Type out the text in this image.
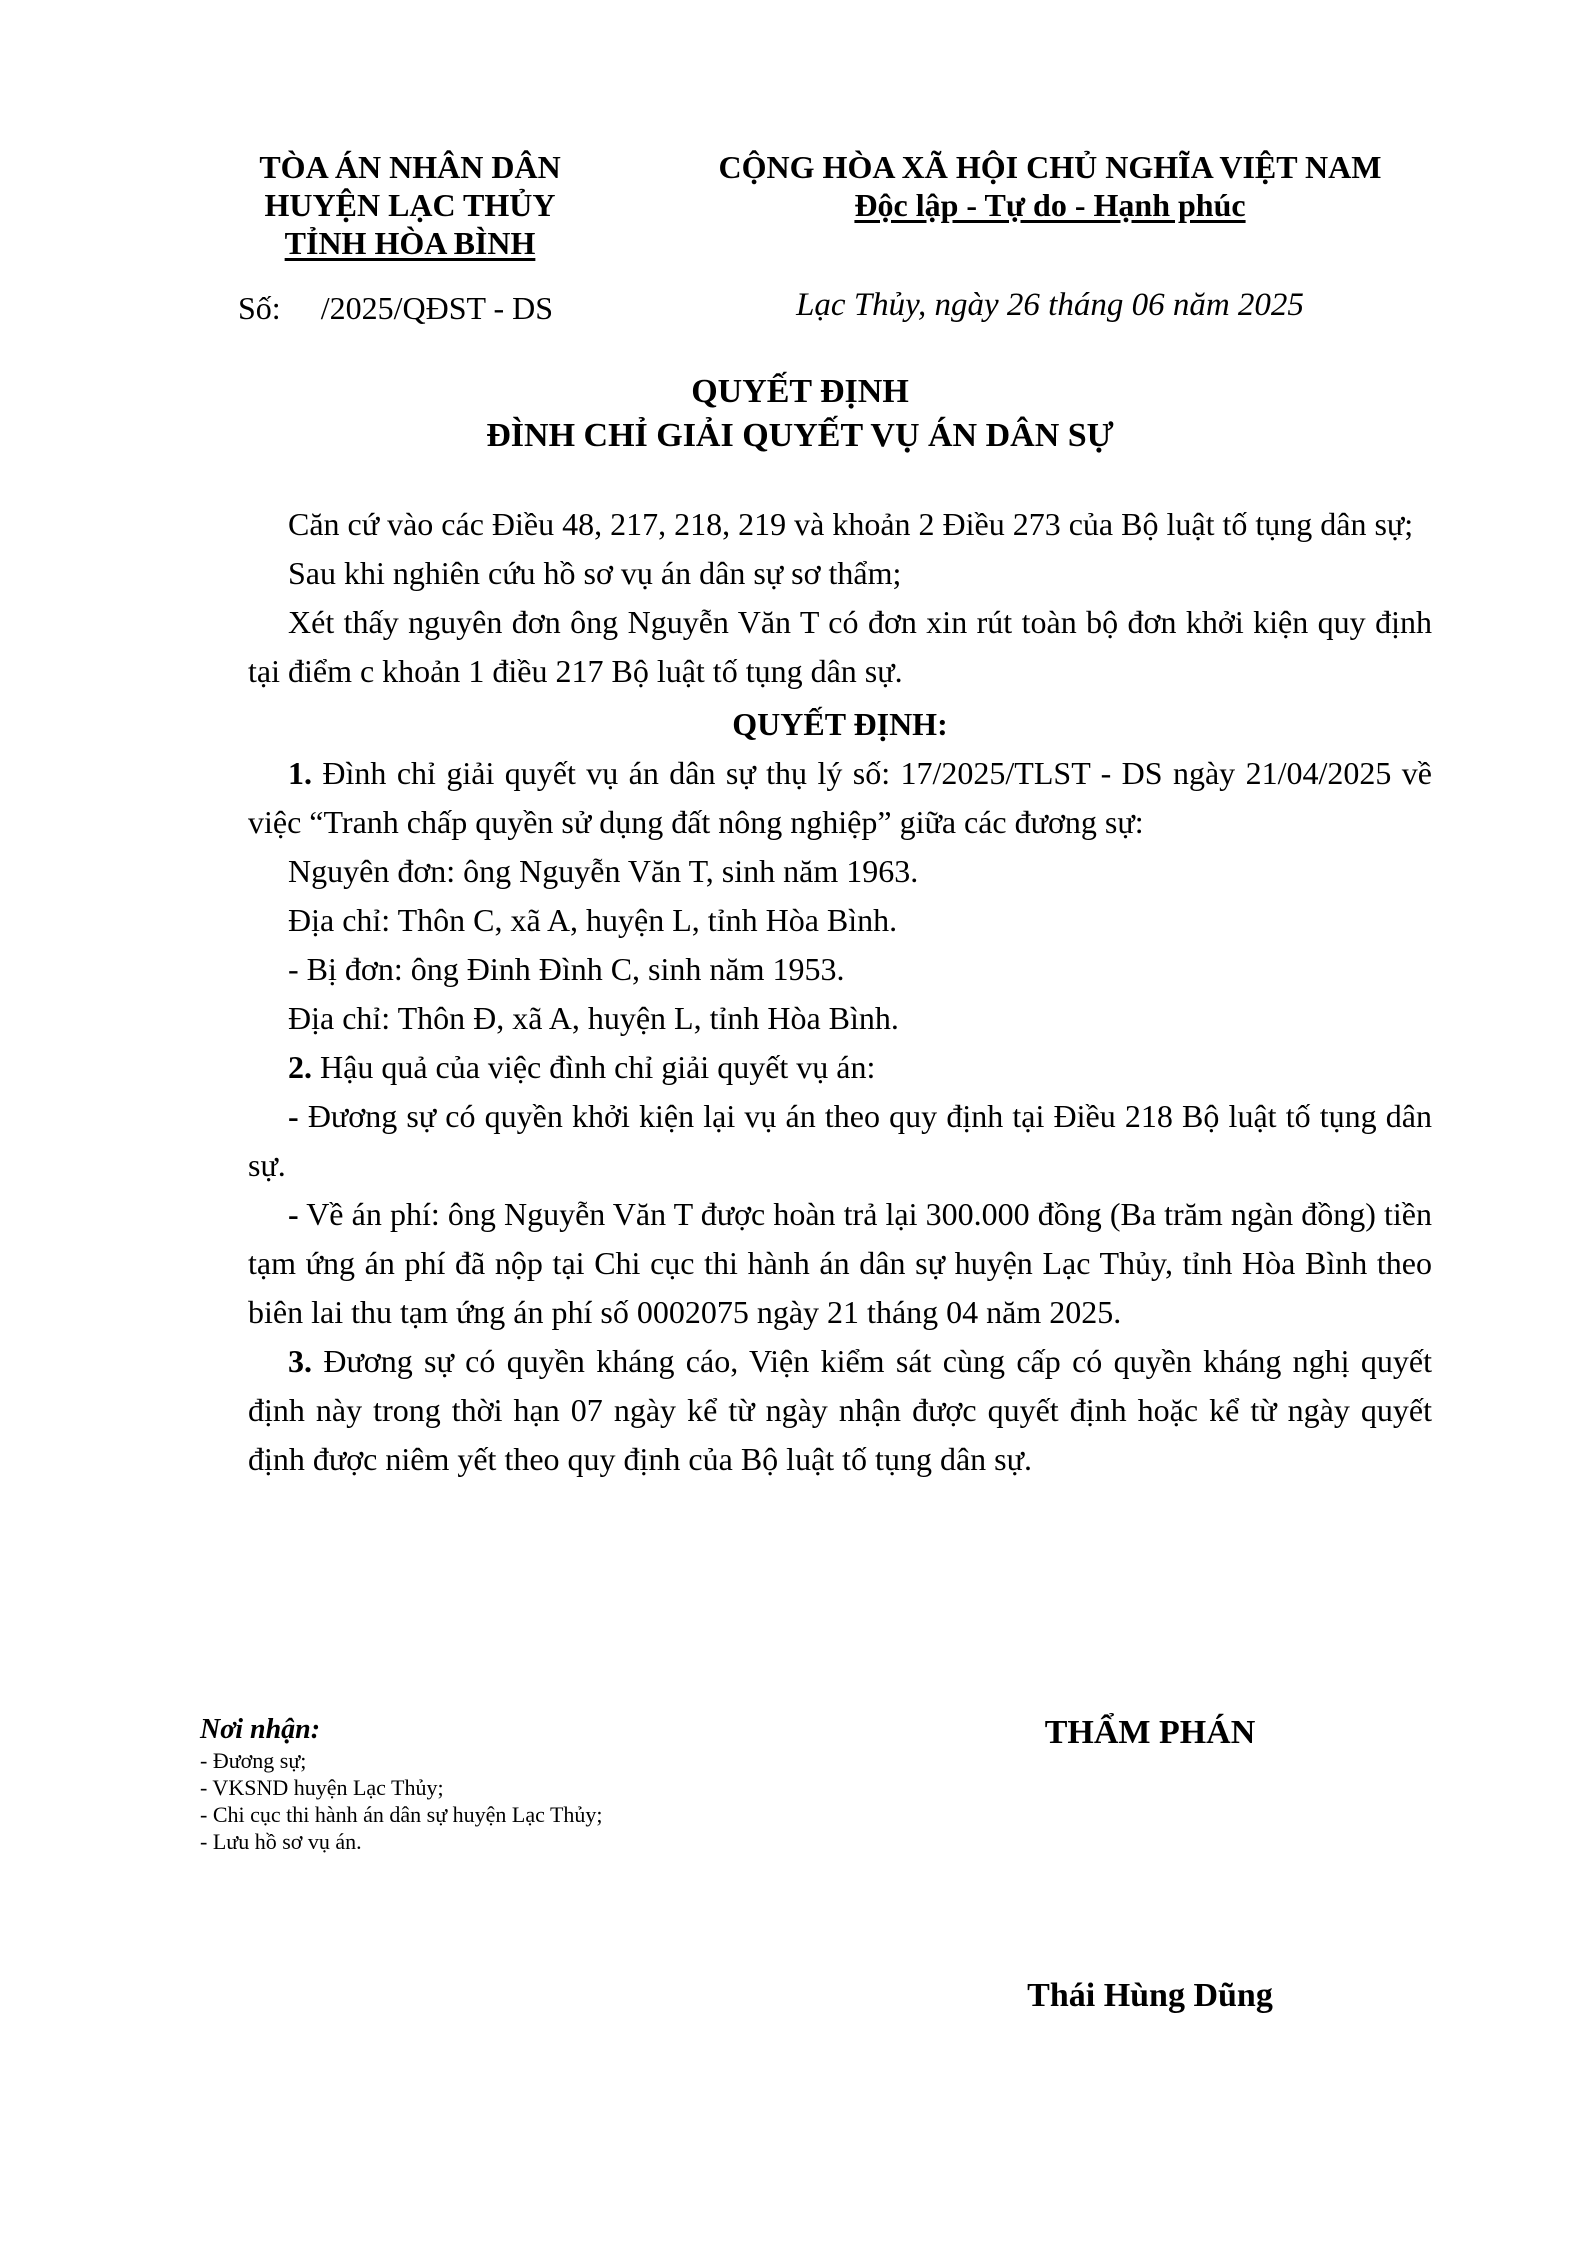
TÒA ÁN NHÂN DÂN
HUYỆN LẠC THỦY
TỈNH HÒA BÌNH
Số:     /2025/QĐST - DS
CỘNG HÒA XÃ HỘI CHỦ NGHĨA VIỆT NAM
Độc lập - Tự do - Hạnh phúc
Lạc Thủy, ngày 26 tháng 06 năm 2025
QUYẾT ĐỊNH
ĐÌNH CHỈ GIẢI QUYẾT VỤ ÁN DÂN SỰ

Căn cứ vào các Điều 48, 217, 218, 219 và khoản 2 Điều 273 của Bộ luật tố tụng dân sự;

Sau khi nghiên cứu hồ sơ vụ án dân sự sơ thẩm;

Xét thấy nguyên đơn ông Nguyễn Văn T có đơn xin rút toàn bộ đơn khởi kiện quy định tại điểm c khoản 1 điều 217 Bộ luật tố tụng dân sự.

QUYẾT ĐỊNH:

1. Đình chỉ giải quyết vụ án dân sự thụ lý số: 17/2025/TLST - DS ngày 21/04/2025 về việc “Tranh chấp quyền sử dụng đất nông nghiệp” giữa các đương sự:

Nguyên đơn: ông Nguyễn Văn T, sinh năm 1963.

Địa chỉ: Thôn C, xã A, huyện L, tỉnh Hòa Bình.

- Bị đơn: ông Đinh Đình C, sinh năm 1953.

Địa chỉ: Thôn Đ, xã A, huyện L, tỉnh Hòa Bình.

2. Hậu quả của việc đình chỉ giải quyết vụ án:

- Đương sự có quyền khởi kiện lại vụ án theo quy định tại Điều 218 Bộ luật tố tụng dân sự.

- Về án phí: ông Nguyễn Văn T được hoàn trả lại 300.000 đồng (Ba trăm ngàn đồng) tiền tạm ứng án phí đã nộp tại Chi cục thi hành án dân sự huyện Lạc Thủy, tỉnh Hòa Bình theo biên lai thu tạm ứng án phí số 0002075 ngày 21 tháng 04 năm 2025.

3. Đương sự có quyền kháng cáo, Viện kiểm sát cùng cấp có quyền kháng nghị quyết định này trong thời hạn 07 ngày kể từ ngày nhận được quyết định hoặc kể từ ngày quyết định được niêm yết theo quy định của Bộ luật tố tụng dân sự.

Nơi nhận:
- Đương sự;
- VKSND huyện Lạc Thủy;
- Chi cục thi hành án dân sự huyện Lạc Thủy;
- Lưu hồ sơ vụ án.
THẨM PHÁN
Thái Hùng Dũng
